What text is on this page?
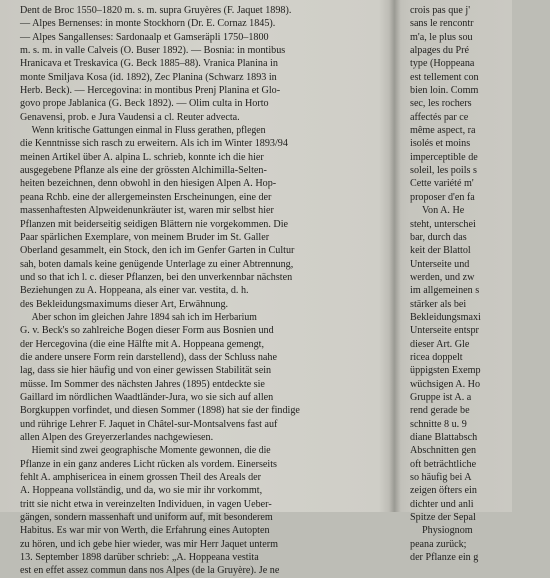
Dent de Broc 1550–1820 m. s. m. supra Gruyères (F. Jaquet 1898).
— Alpes Bernenses: in monte Stockhorn (Dr. E. Cornaz 1845).
— Alpes Sangallenses: Sardonaalp et Gamseräpli 1750–1800
m. s. m. in valle Calveis (O. Buser 1892). — Bosnia: in montibus
Hranicava et Treskavica (G. Beck 1885–88). Vranica Planina in
monte Smiljava Kosa (id. 1892), Zec Planina (Schwarz 1893 in
Herb. Beck). — Hercegovina: in montibus Prenj Planina et Glo-
govo prope Jablanica (G. Beck 1892). — Olim culta in Horto
Genavensi, prob. e Jura Vaudensi a cl. Reuter advecta.
Wenn kritische Gattungen einmal in Fluss gerathen, pflegen
die Kenntnisse sich rasch zu erweitern. Als ich im Winter 1893/94
meinen Artikel über A. alpina L. schrieb, konnte ich die hier
ausgegebene Pflanze als eine der grössten Alchimilla-Selten-
heiten bezeichnen, denn obwohl in den hiesigen Alpen A. Hop-
peana Rchb. eine der allergemeinsten Erscheinungen, eine der
massenhaftesten Alpweidenunkräuter ist, waren mir selbst hier
Pflanzen mit beiderseitig seidigen Blättern nie vorgekommen. Die
Paar spärlichen Exemplare, von meinem Bruder im St. Galler
Oberland gesammelt, ein Stock, den ich im Genfer Garten in Cultur
sah, boten damals keine genügende Unterlage zu einer Abtrennung,
und so that ich l. c. dieser Pflanzen, bei den unverkennbar nächsten
Beziehungen zu A. Hoppeana, als einer var. vestita, d. h.
des Bekleidungsmaximums dieser Art, Erwähnung.
Aber schon im gleichen Jahre 1894 sah ich im Herbarium
G. v. Beck's so zahlreiche Bogen dieser Form aus Bosnien und
der Hercegovina (die eine Hälfte mit A. Hoppeana gemengt,
die andere unsere Form rein darstellend), dass der Schluss nahe
lag, dass sie hier häufig und von einer gewissen Stabilität sein
müsse. Im Sommer des nächsten Jahres (1895) entdeckte sie
Gaillard im nördlichen Waadtländer-Jura, wo sie sich auf allen
Borgkuppen vorfindet, und diesen Sommer (1898) hat sie der findige
und rührige Lehrer F. Jaquet in Châtel-sur-Montsalvens fast auf
allen Alpen des Greyerzerlandes nachgewiesen.
Hiemit sind zwei geographische Momente gewonnen, die die
Pflanze in ein ganz anderes Licht rücken als vordem. Einerseits
fehlt A. amphisericea in einem grossen Theil des Areals der
A. Hoppeana vollständig, und da, wo sie mir ihr vorkommt,
tritt sie nicht etwa in vereinzelten Individuen, in vagen Ueber-
gängen, sondern massenhaft und uniform auf, mit besonderem
Habitus. Es war mir von Werth, die Erfahrung eines Autopten
zu hören, und ich gebe hier wieder, was mir Herr Jaquet unterm
13. September 1898 darüber schrieb: „A. Hoppeana vestita
est en effet assez commun dans nos Alpes (de la Gruyère). Je ne
crois pas que j'
sans le rencontr
m'a, le plus sou
alpages du Pré
type (Hoppeana
est tellement con
bien loin. Comm
sec, les rochers
affectés par ce
même aspect, ra
isolés et moins
imperceptible de
soleil, les poils s
Cette variété m'
proposer d'en fa
Von A. He
steht, unterschei
bar, durch das
keit der Blattol
Unterseite und
werden, und zw
im allgemeinen s
stärker als bei
Bekleidungsmaxi
Unterseite entspr
dieser Art. Gle
ricea doppelt
üppigsten Exemp
wüchsigen A. Ho
Gruppe ist A. a
rend gerade be
schnitte 8 u. 9
diane Blattabsch
Abschnitten gen
oft beträchtliche
so häufig bei A
zeigen öfters ein
dichter und anli
Spitze der Sepal
Physiognom
peana zurück;
der Pflanze ein g
